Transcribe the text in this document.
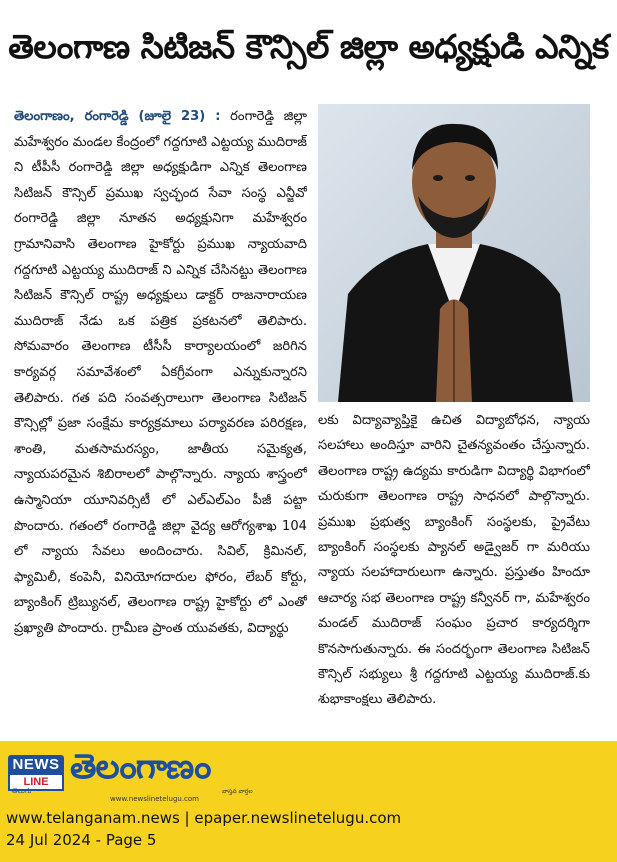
తెలంగాణ సిటిజన్ కౌన్సిల్ జిల్లా అధ్యక్షుడి ఎన్నిక

తెలంగాణం, రంగారెడ్డి (జూలై 23) : రంగారెడ్డి జిల్లా మహేశ్వరం మండల కేంద్రంలో గద్దగూటి ఎట్టయ్య ముదిరాజ్ ని టీపీసీ రంగారెడ్డి జిల్లా అధ్యక్షుడిగా ఎన్నిక తెలంగాణ సిటిజన్ కౌన్సిల్ ప్రముఖ స్వచ్ఛంద సేవా సంస్థ ఎన్జీవో రంగారెడ్డి జిల్లా నూతన అధ్యక్షునిగా మహేశ్వరం గ్రామానివాసి తెలంగాణ హైకోర్టు ప్రముఖ న్యాయవాది గద్దగూటి ఎట్టయ్య ముదిరాజ్ ని ఎన్నిక చేసినట్టు తెలంగాణ సిటిజన్ కౌన్సిల్ రాష్ట్ర అధ్యక్షులు డాక్టర్ రాజనారాయణ ముదిరాజ్ నేడు ఒక పత్రిక ప్రకటనలో తెలిపారు. సోమవారం తెలంగాణ టీసీసీ కార్యాలయంలో జరిగిన కార్యవర్గ సమావేశంలో ఏకగ్రీవంగా ఎన్నుకున్నారని తెలిపారు. గత పది సంవత్సరాలుగా తెలంగాణ సిటిజన్ కౌన్సిల్లో ప్రజా సంక్షేమ కార్యక్రమాలు పర్యావరణ పరిరక్షణ, శాంతి, మతసామరస్యం, జాతీయ సమైక్యత, న్యాయపరమైన శిబిరాలలో పాల్గొన్నారు. న్యాయ శాస్త్రంలో ఉస్మానియా యూనివర్సిటీ లో ఎల్ఎల్ఎం పీజీ పట్టా పొందారు. గతంలో రంగారెడ్డి జిల్లా వైద్య ఆరోగ్యశాఖ 104 లో న్యాయ సేవలు అందించారు. సివిల్, క్రిమినల్, ఫ్యామిలీ, కంపెనీ, వినియోగదారుల ఫోరం, లేబర్ కోర్టు, బ్యాంకింగ్ ట్రిబ్యునల్, తెలంగాణ రాష్ట్ర హైకోర్టు లో ఎంతో ప్రఖ్యాతి పొందారు. గ్రామీణ ప్రాంత యువతకు, విద్యార్థు

లకు విద్యావ్యాప్తికై ఉచిత విద్యాబోధన, న్యాయ సలహాలు అందిస్తూ వారిని చైతన్యవంతం చేస్తున్నారు. తెలంగాణ రాష్ట్ర ఉద్యమ కారుడిగా విద్యార్థి విభాగంలో చురుకుగా తెలంగాణ రాష్ట్ర సాధనలో పాల్గొన్నారు. ప్రముఖ ప్రభుత్వ బ్యాంకింగ్ సంస్థలకు, ప్రైవేటు బ్యాంకింగ్ సంస్థలకు ప్యానల్ అడ్వైజర్ గా మరియు న్యాయ సలహాదారులుగా ఉన్నారు. ప్రస్తుతం హిందూ ఆచార్య సభ తెలంగాణ రాష్ట్ర కన్వీనర్ గా, మహేశ్వరం మండల్ ముదిరాజ్ సంఘం ప్రచార కార్యదర్శిగా కొనసాగుతున్నారు. ఈ సందర్భంగా తెలంగాణ సిటిజన్ కౌన్సిల్ సభ్యులు శ్రీ గద్దగూటి ఎట్టయ్య ముదిరాజ్.కు శుభాకాంక్షలు తెలిపారు.

NEWS
LINE
తెలుగు
తెలంగాణం
వాస్తవ వార్తల
www.newslinetelugu.com
www.telanganam.news | epaper.newslinetelugu.com
24 Jul 2024 - Page 5
